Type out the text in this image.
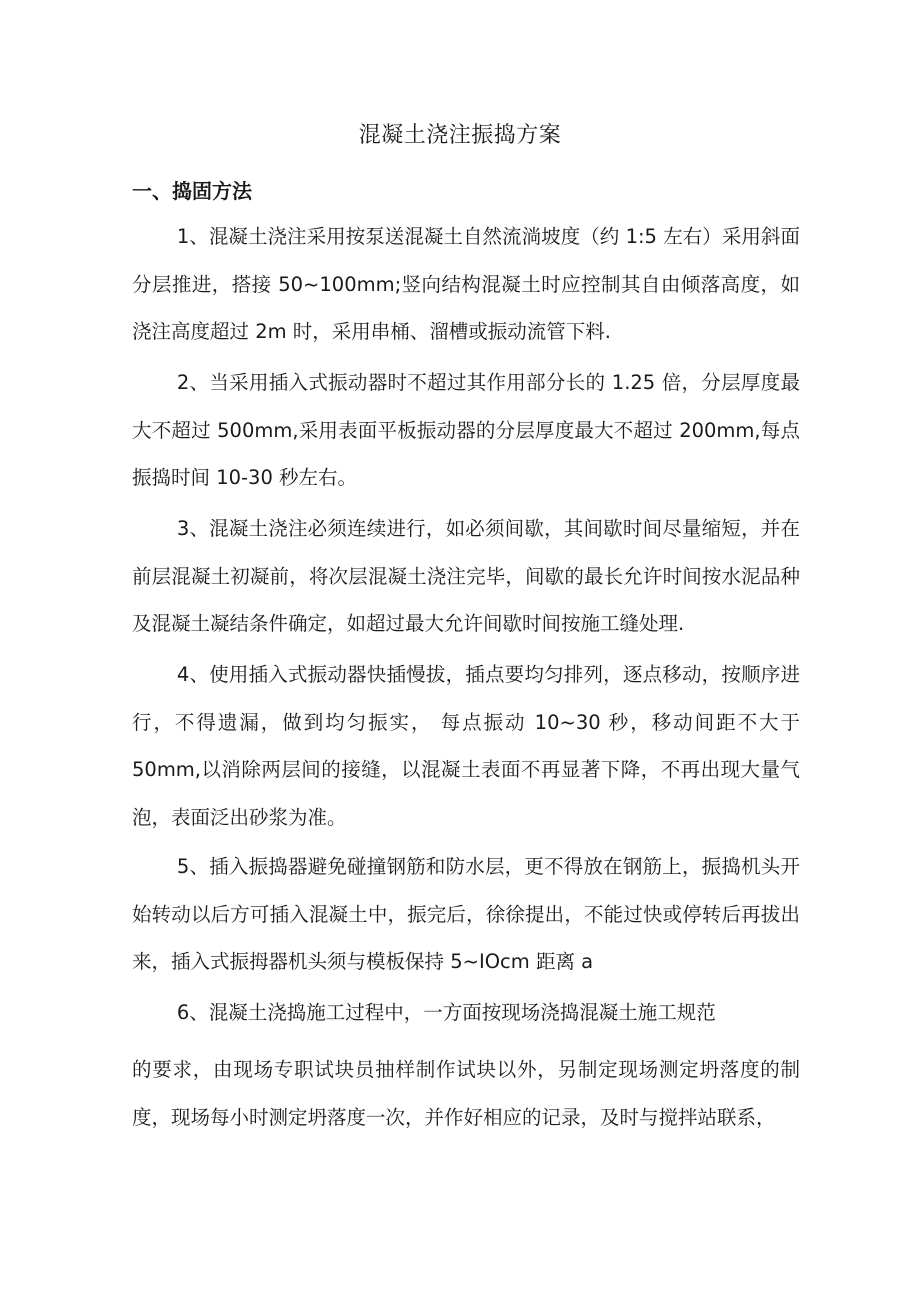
混凝土浇注振捣方案
一、捣固方法

1、混凝土浇注采用按泵送混凝土自然流淌坡度（约 1:5 左右）采用斜面分层推进，搭接 50~100mm;竖向结构混凝土时应控制其自由倾落高度，如浇注高度超过 2m 时，采用串桶、溜槽或振动流管下料.

2、当采用插入式振动器时不超过其作用部分长的 1.25 倍，分层厚度最大不超过 500mm,采用表面平板振动器的分层厚度最大不超过 200mm,每点振捣时间 10-30 秒左右。

3、混凝土浇注必须连续进行，如必须间歇，其间歇时间尽量缩短，并在前层混凝土初凝前，将次层混凝土浇注完毕，间歇的最长允许时间按水泥品种及混凝土凝结条件确定，如超过最大允许间歇时间按施工缝处理.

4、使用插入式振动器快插慢拔，插点要均匀排列，逐点移动，按顺序进行，不得遗漏，做到均匀振实， 每点振动 10~30 秒，移动间距不大于 50mm,以消除两层间的接缝，以混凝土表面不再显著下降，不再出现大量气泡，表面泛出砂浆为准。

5、插入振捣器避免碰撞钢筋和防水层，更不得放在钢筋上，振捣机头开始转动以后方可插入混凝土中，振完后，徐徐提出，不能过快或停转后再拔出来，插入式振拇器机头须与模板保持 5~IOcm 距离 a

6、混凝土浇捣施工过程中，一方面按现场浇捣混凝土施工规范

的要求，由现场专职试块员抽样制作试块以外，另制定现场测定坍落度的制度，现场每小时测定坍落度一次，并作好相应的记录，及时与搅拌站联系，
